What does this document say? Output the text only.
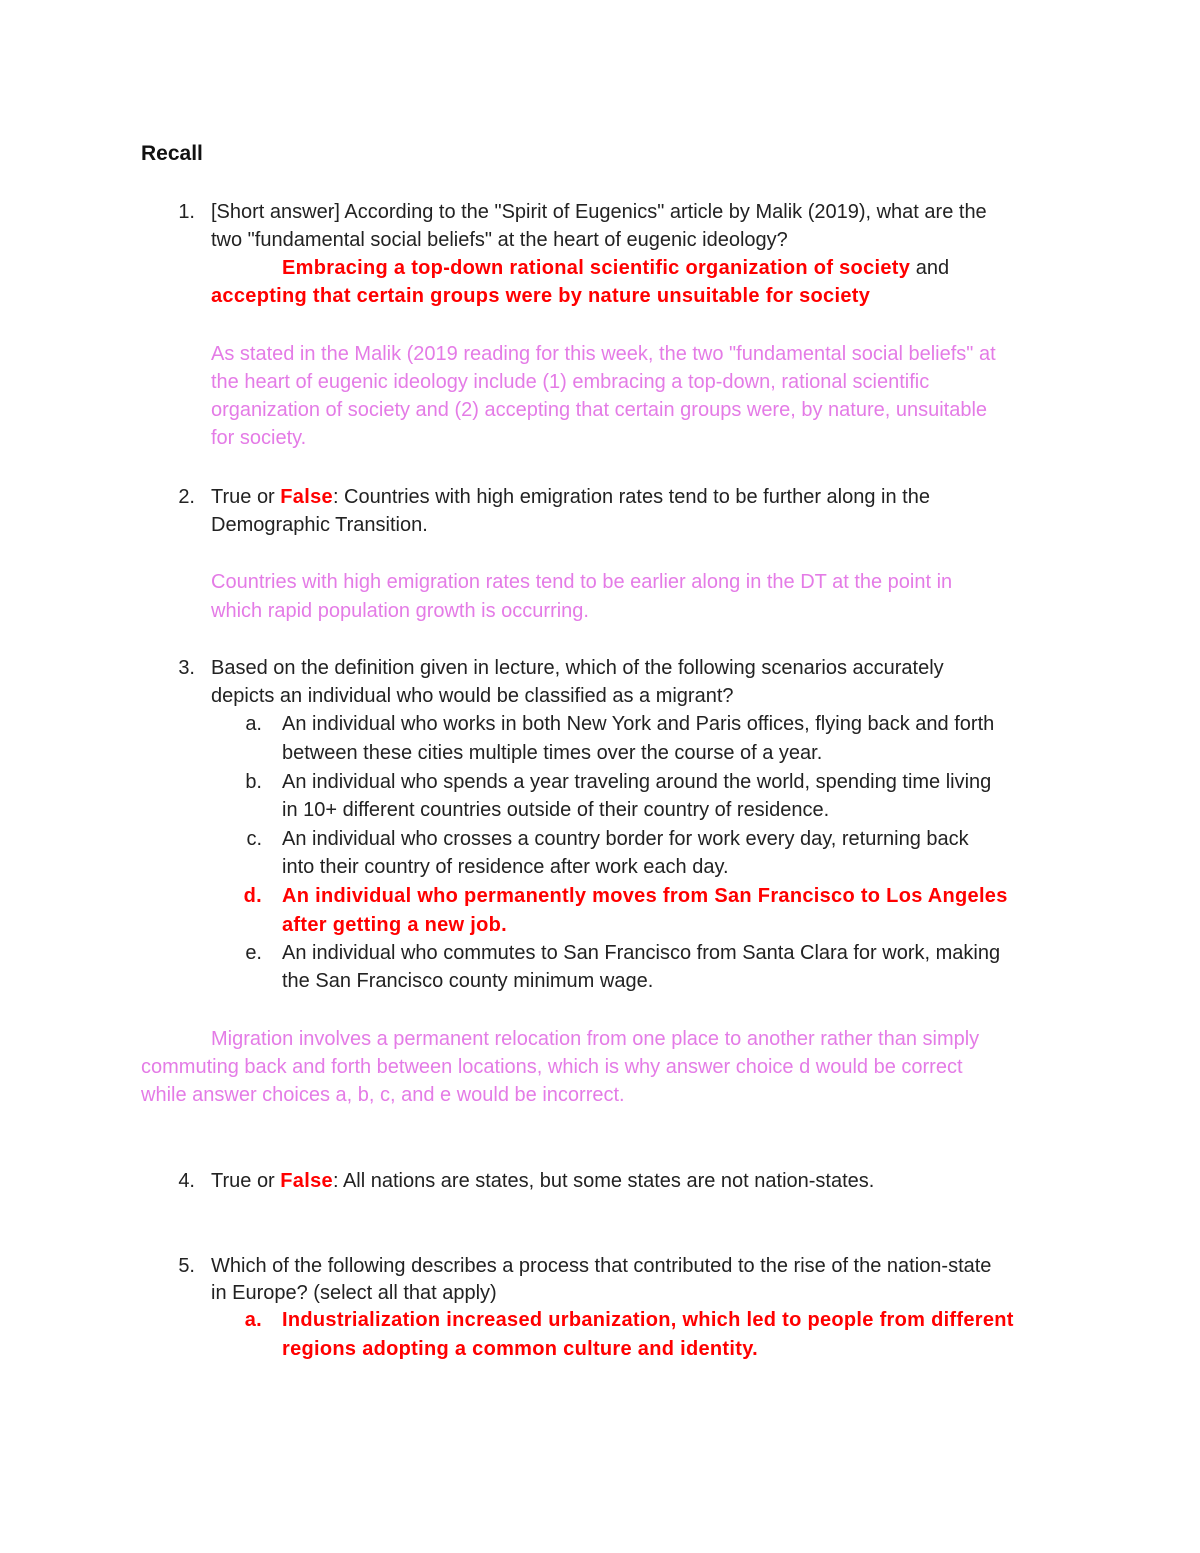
Recall
1. [Short answer] According to the "Spirit of Eugenics" article by Malik (2019), what are the
two "fundamental social beliefs" at the heart of eugenic ideology?
Embracing a top-down rational scientific organization of society and
accepting that certain groups were by nature unsuitable for society
As stated in the Malik (2019 reading for this week, the two "fundamental social beliefs" at
the heart of eugenic ideology include (1) embracing a top-down, rational scientific
organization of society and (2) accepting that certain groups were, by nature, unsuitable
for society.
2. True or False: Countries with high emigration rates tend to be further along in the
Demographic Transition.
Countries with high emigration rates tend to be earlier along in the DT at the point in
which rapid population growth is occurring.
3. Based on the definition given in lecture, which of the following scenarios accurately
depicts an individual who would be classified as a migrant?
a. An individual who works in both New York and Paris offices, flying back and forth
between these cities multiple times over the course of a year.
b. An individual who spends a year traveling around the world, spending time living
in 10+ different countries outside of their country of residence.
c. An individual who crosses a country border for work every day, returning back
into their country of residence after work each day.
d. An individual who permanently moves from San Francisco to Los Angeles
after getting a new job.
e. An individual who commutes to San Francisco from Santa Clara for work, making
the San Francisco county minimum wage.
Migration involves a permanent relocation from one place to another rather than simply
commuting back and forth between locations, which is why answer choice d would be correct
while answer choices a, b, c, and e would be incorrect.
4. True or False: All nations are states, but some states are not nation-states.
5. Which of the following describes a process that contributed to the rise of the nation-state
in Europe? (select all that apply)
a. Industrialization increased urbanization, which led to people from different
regions adopting a common culture and identity.
